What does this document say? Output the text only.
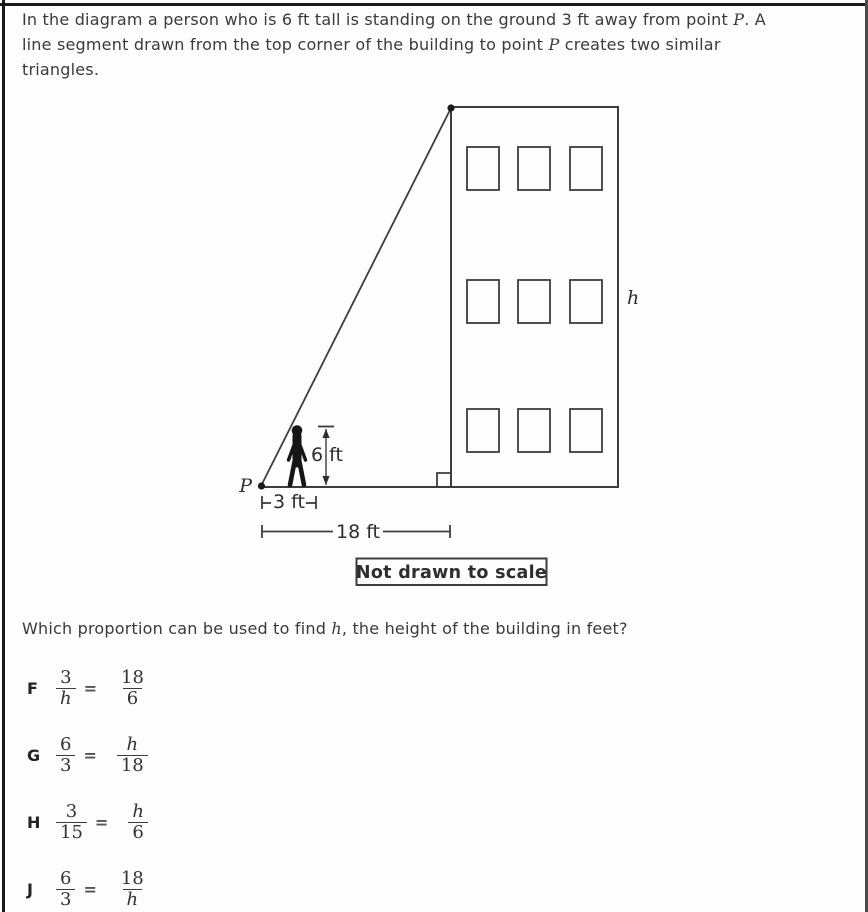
In the diagram a person who is 6 ft tall is standing on the ground 3 ft away from point P. A
line segment drawn from the top corner of the building to point P creates two similar
triangles.
6 ft
P
h
3 ft
18 ft
Not drawn to scale
Which proportion can be used to find h, the height of the building in feet?
F	$\frac{3}{h} = \frac{18}{6}$
G $\frac{6}{3} = \frac{h}{18}$
H $\frac{3}{15} = \frac{h}{6}$
J	$\frac{6}{3} = \frac{18}{h}$
